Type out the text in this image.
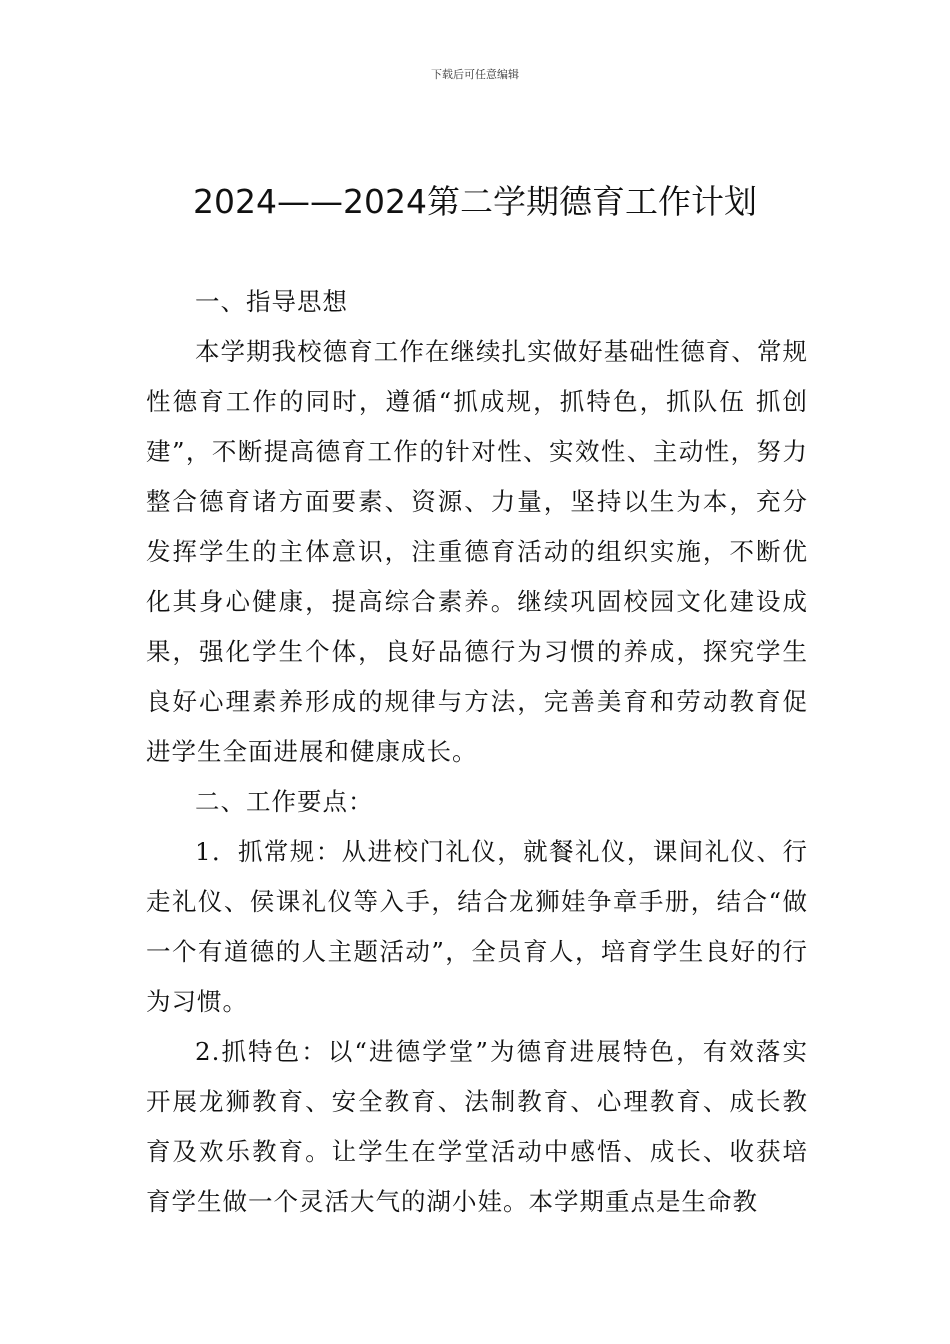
下载后可任意编辑
2024——2024第二学期德育工作计划

一、指导思想

本学期我校德育工作在继续扎实做好基础性德育、常规性德育工作的同时，遵循“抓成规，抓特色，抓队伍 抓创建”，不断提高德育工作的针对性、实效性、主动性，努力整合德育诸方面要素、资源、力量，坚持以生为本，充分发挥学生的主体意识，注重德育活动的组织实施，不断优化其身心健康，提高综合素养。继续巩固校园文化建设成果，强化学生个体，良好品德行为习惯的养成，探究学生良好心理素养形成的规律与方法，完善美育和劳动教育促进学生全面进展和健康成长。

二、工作要点：

1．抓常规：从进校门礼仪，就餐礼仪，课间礼仪、行走礼仪、侯课礼仪等入手，结合龙狮娃争章手册，结合“做一个有道德的人主题活动”，全员育人，培育学生良好的行为习惯。

2.抓特色：以“进德学堂”为德育进展特色，有效落实开展龙狮教育、安全教育、法制教育、心理教育、成长教育及欢乐教育。让学生在学堂活动中感悟、成长、收获培育学生做一个灵活大气的湖小娃。本学期重点是生命教
